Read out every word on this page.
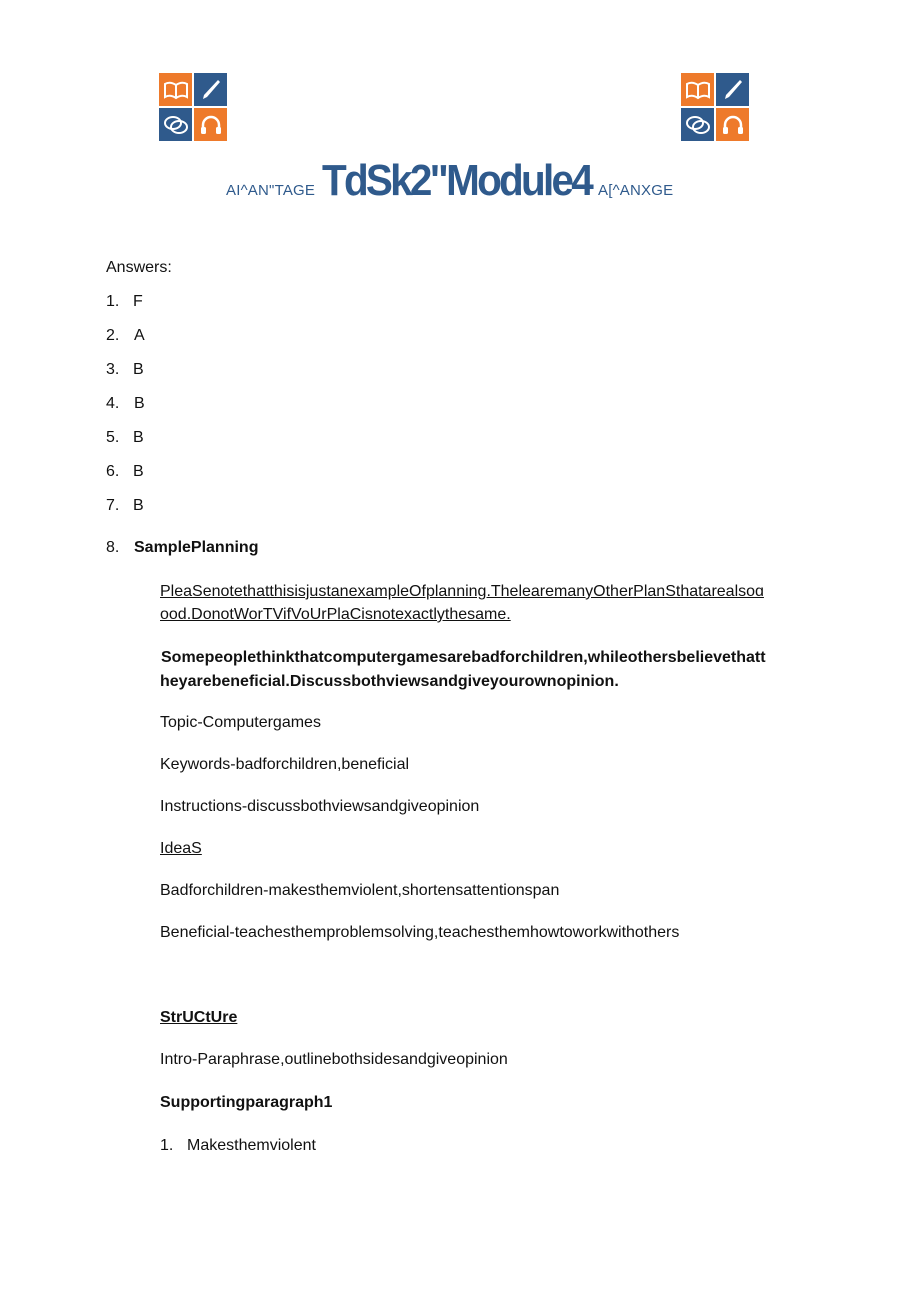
AI^AN"TAGE TdSk2"Module4 A[^ANXGE
Answers:
1. F
2. A
3. B
4. B
5. B
6. B
7. B
8. SamplePlanning
PleaSenotethatthisisjustanexampleOfplanning.ThelearemanyOtherPlanSthatarealsoɑ
ood.DonotWorTVifVoUrPlaCisnotexactlythesame.
Somepeoplethinkthatcomputergamesarebadforchildren,whileothersbelievethatt
heyarebeneficial.Discussbothviewsandgiveyourownopinion.
Topic-Computergames
Keywords-badforchildren,beneficial
Instructions-discussbothviewsandgiveopinion
IdeaS
Badforchildren-makesthemviolent,shortensattentionspan
Beneficial-teachesthemproblemsolving,teachesthemhowtoworkwithothers
StrUCtUre
Intro-Paraphrase,outlinebothsidesandgiveopinion
Supportingparagraph1
1. Makesthemviolent
